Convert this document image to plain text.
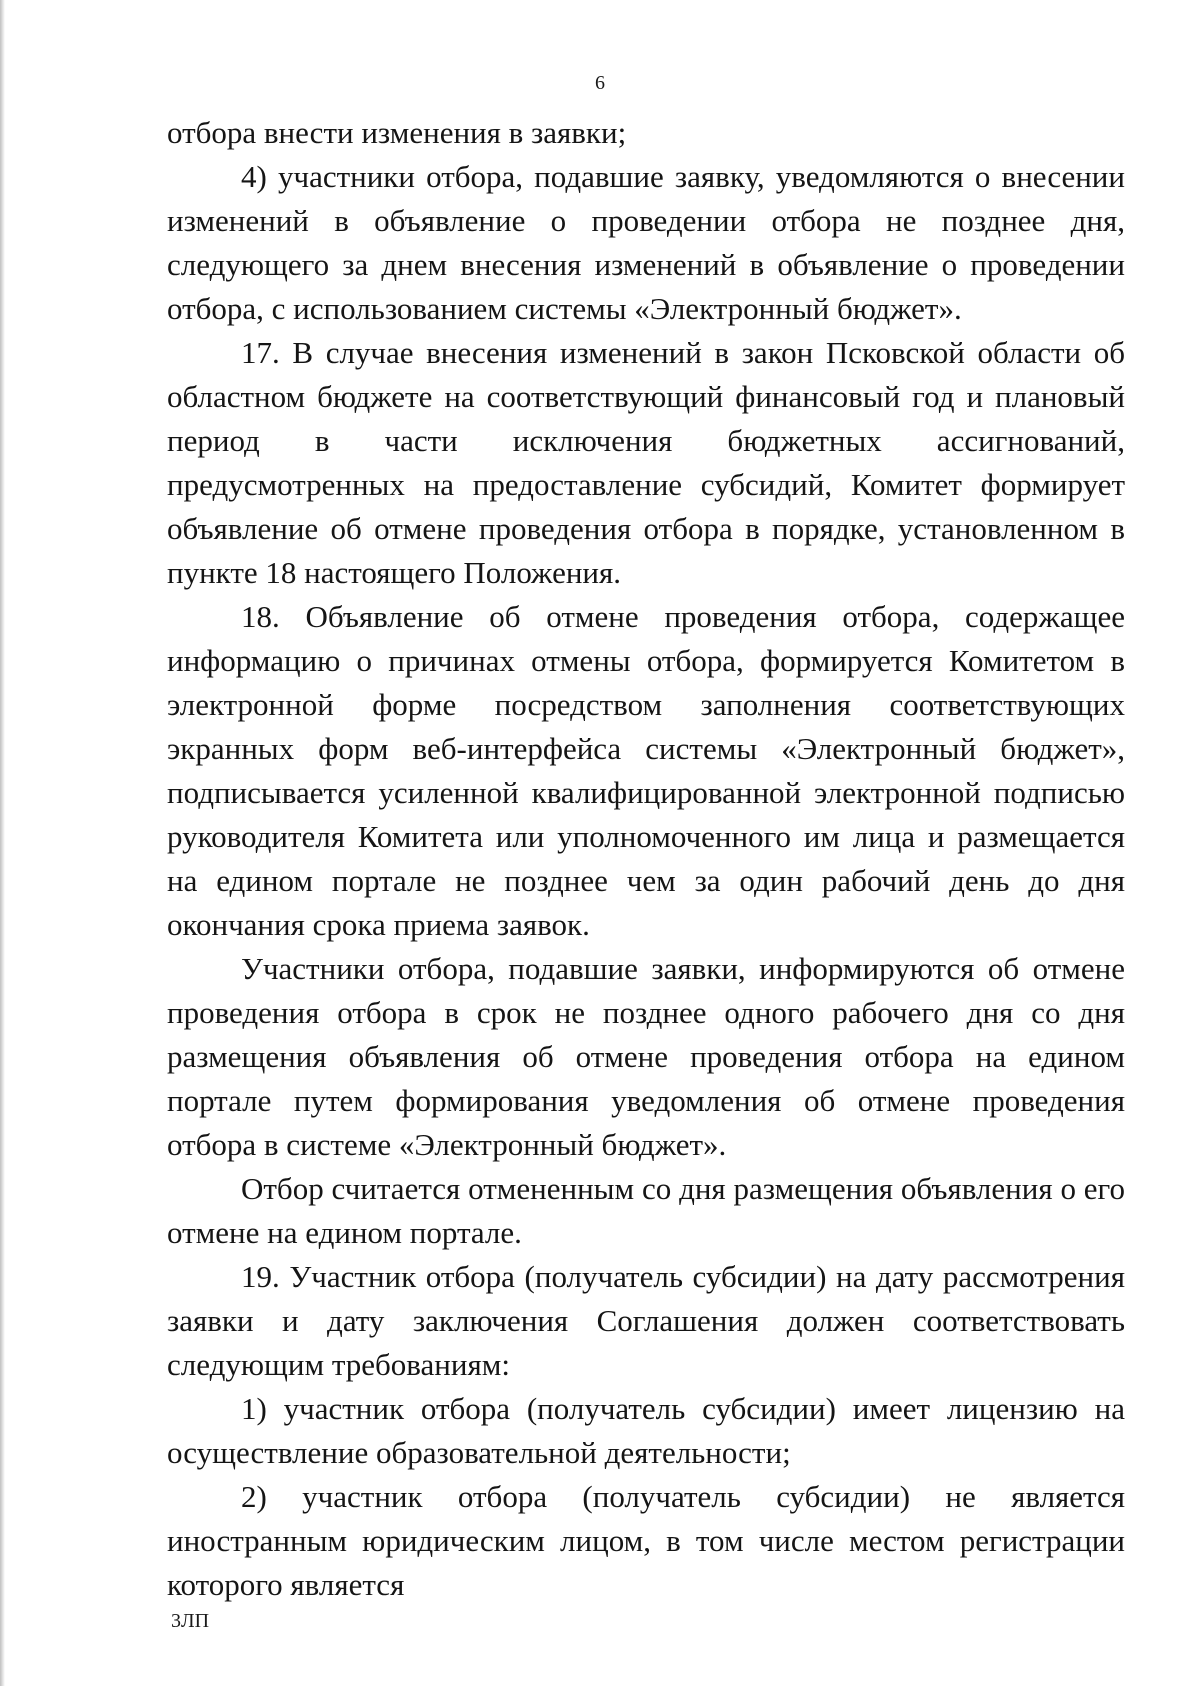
6

отбора внести изменения в заявки;

4) участники отбора, подавшие заявку, уведомляются о внесении изменений в объявление о проведении отбора не позднее дня, следующего за днем внесения изменений в объявление о проведении отбора, с использованием системы «Электронный бюджет».

17. В случае внесения изменений в закон Псковской области об областном бюджете на соответствующий финансовый год и плановый период в части исключения бюджетных ассигнований, предусмотренных на предоставление субсидий, Комитет формирует объявление об отмене проведения отбора в порядке, установленном в пункте 18 настоящего Положения.

18. Объявление об отмене проведения отбора, содержащее информацию о причинах отмены отбора, формируется Комитетом в электронной форме посредством заполнения соответствующих экранных форм веб-интерфейса системы «Электронный бюджет», подписывается усиленной квалифицированной электронной подписью руководителя Комитета или уполномоченного им лица и размещается на едином портале не позднее чем за один рабочий день до дня окончания срока приема заявок.

Участники отбора, подавшие заявки, информируются об отмене проведения отбора в срок не позднее одного рабочего дня со дня размещения объявления об отмене проведения отбора на едином портале путем формирования уведомления об отмене проведения отбора в системе «Электронный бюджет».

Отбор считается отмененным со дня размещения объявления о его отмене на едином портале.

19. Участник отбора (получатель субсидии) на дату рассмотрения заявки и дату заключения Соглашения должен соответствовать следующим требованиям:

1) участник отбора (получатель субсидии) имеет лицензию на осуществление образовательной деятельности;

2) участник отбора (получатель субсидии) не является иностранным юридическим лицом, в том числе местом регистрации которого является

3ЛП
